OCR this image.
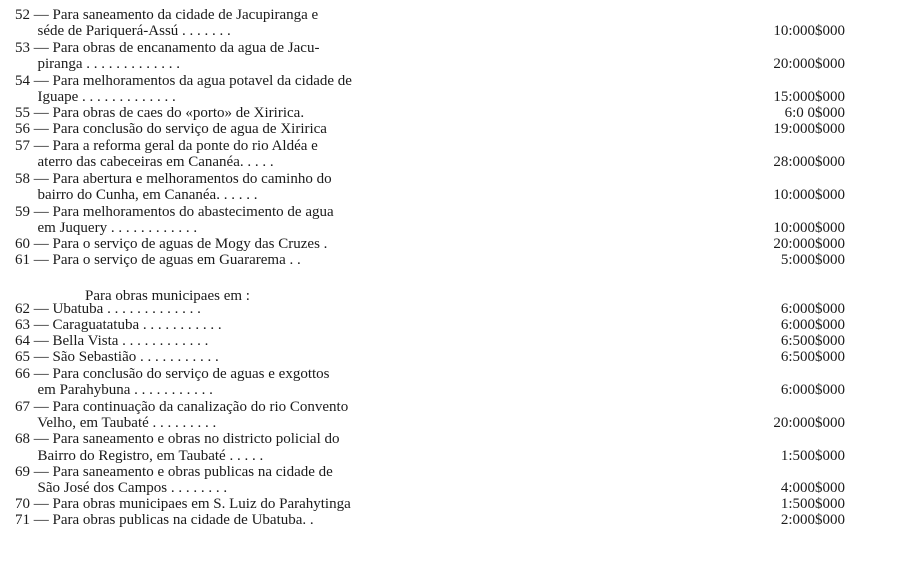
Para obras municipaes em :
52 — Para saneamento da cidade de Jacupiranga e
séde de Pariquerá-Assú . . . . . . .	10:000$000
53 — Para obras de encanamento da agua de Jacu-
piranga . . . . . . . . . . . . .	20:000$000
54 — Para melhoramentos da agua potavel da cidade de
Iguape . . . . . . . . . . . . .	15:000$000
55 — Para obras de caes do «porto» de Xiririca.	6:0 0$000
56 — Para conclusão do serviço de agua de Xiririca	19:000$000
57 — Para a reforma geral da ponte do rio Aldéa e
aterro das cabeceiras em Cananéa. . . . .	28:000$000
58 — Para abertura e melhoramentos do caminho do
bairro do Cunha, em Cananéa. . . . . .	10:000$000
59 — Para melhoramentos do abastecimento de agua
em Juquery . . . . . . . . . . . .	10:000$000
60 — Para o serviço de aguas de Mogy das Cruzes .	20:000$000
61 — Para o serviço de aguas em Guararema . .	5:000$000
62 — Ubatuba . . . . . . . . . . . . .	6:000$000
63 — Caraguatatuba . . . . . . . . . . .	6:000$000
64 — Bella Vista . . . . . . . . . . . .	6:500$000
65 — São Sebastião . . . . . . . . . . .	6:500$000
66 — Para conclusão do serviço de aguas e exgottos
em Parahybuna . . . . . . . . . . .	6:000$000
67 — Para continuação da canalização do rio Convento
Velho, em Taubaté . . . . . . . . .	20:000$000
68 — Para saneamento e obras no districto policial do
Bairro do Registro, em Taubaté . . . . .	1:500$000
69 — Para saneamento e obras publicas na cidade de
São José dos Campos . . . . . . . .	4:000$000
70 — Para obras municipaes em S. Luiz do Parahytinga	1:500$000
71 — Para obras publicas na cidade de Ubatuba. .	2:000$000
